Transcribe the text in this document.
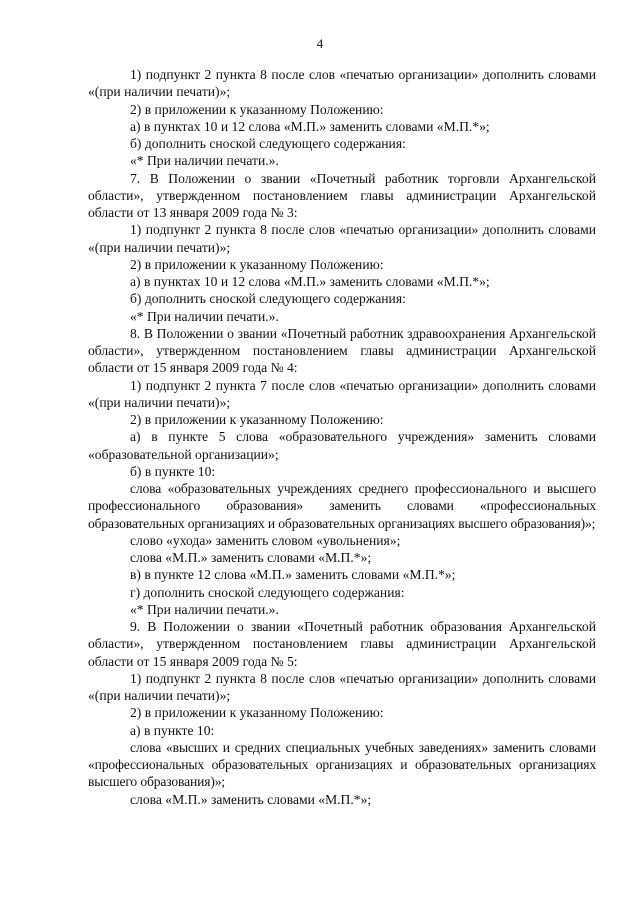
4

1) подпункт 2 пункта 8 после слов «печатью организации» дополнить словами «(при наличии печати)»;

2) в приложении к указанному Положению:

а) в пунктах 10 и 12 слова «М.П.» заменить словами «М.П.*»;

б) дополнить сноской следующего содержания:

«* При наличии печати.».

7. В Положении о звании «Почетный работник торговли Архангельской области», утвержденном постановлением главы администрации Архангельской области от 13 января 2009 года № 3:

1) подпункт 2 пункта 8 после слов «печатью организации» дополнить словами «(при наличии печати)»;

2) в приложении к указанному Положению:

а) в пунктах 10 и 12 слова «М.П.» заменить словами «М.П.*»;

б) дополнить сноской следующего содержания:

«* При наличии печати.».

8. В Положении о звании «Почетный работник здравоохранения Архангельской области», утвержденном постановлением главы администрации Архангельской области от 15 января 2009 года № 4:

1) подпункт 2 пункта 7 после слов «печатью организации» дополнить словами «(при наличии печати)»;

2) в приложении к указанному Положению:

а) в пункте 5 слова «образовательного учреждения» заменить словами «образовательной организации»;

б) в пункте 10:

слова «образовательных учреждениях среднего профессионального и высшего профессионального образования» заменить словами «профессиональных образовательных организациях и образовательных организациях высшего образования)»;

слово «ухода» заменить словом «увольнения»;

слова «М.П.» заменить словами «М.П.*»;

в) в пункте 12 слова «М.П.» заменить словами «М.П.*»;

г) дополнить сноской следующего содержания:

«* При наличии печати.».

9. В Положении о звании «Почетный работник образования Архангельской области», утвержденном постановлением главы администрации Архангельской области от 15 января 2009 года № 5:

1) подпункт 2 пункта 8 после слов «печатью организации» дополнить словами «(при наличии печати)»;

2) в приложении к указанному Положению:

а) в пункте 10:

слова «высших и средних специальных учебных заведениях» заменить словами «профессиональных образовательных организациях и образовательных организациях высшего образования)»;

слова «М.П.» заменить словами «М.П.*»;
